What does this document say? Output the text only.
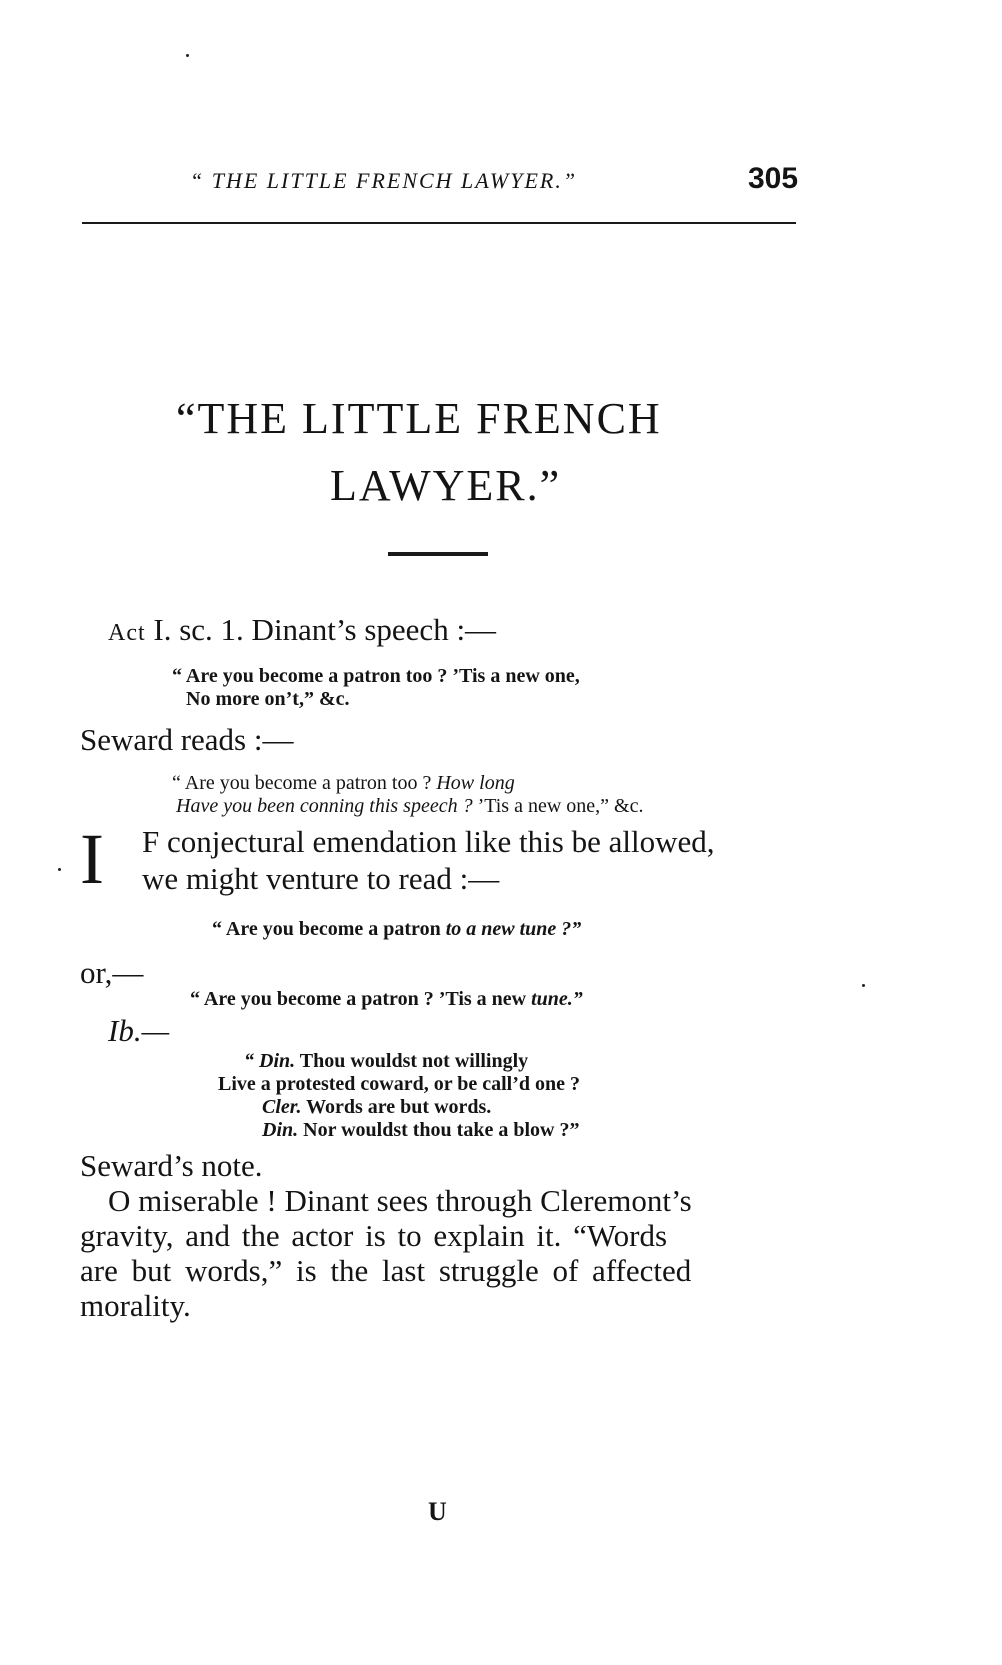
“ THE LITTLE FRENCH LAWYER.”	305
“THE LITTLE FRENCH
LAWYER.”
Act I. sc. 1. Dinant’s speech :—
“ Are you become a patron too ? ’Tis a new one,
No more on’t,” &c.
Seward reads :—
“ Are you become a patron too ? How long
Have you been conning this speech ? ’Tis a new one,” &c.
I F conjectural emendation like this be allowed,
we might venture to read :—
“ Are you become a patron to a new tune ?”
or,—
“ Are you become a patron ? ’Tis a new tune.”
Ib.—
“ Din. Thou wouldst not willingly
Live a protested coward, or be call’d one ?
Cler. Words are but words.
Din. Nor wouldst thou take a blow ?”
Seward’s note.
O miserable ! Dinant sees through Cleremont’s
gravity, and the actor is to explain it. “Words
are but words,” is the last struggle of affected
morality.
U
